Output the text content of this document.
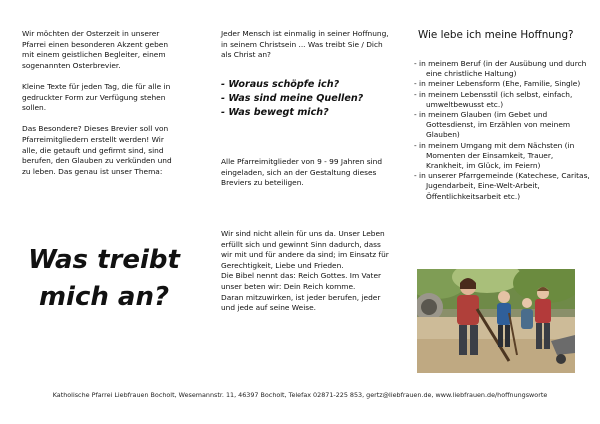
Wir möchten der Osterzeit in unserer Pfarrei einen besonderen Akzent geben mit einem geistlichen Begleiter, einem sogenannten Osterbrevier.

Kleine Texte für jeden Tag, die für alle in gedruckter Form zur Verfügung stehen sollen.

Das Besondere? Dieses Brevier soll von Pfarreimitgliedern erstellt werden! Wir alle, die getauft und gefirmt sind, sind berufen, den Glauben zu verkünden und zu leben. Das genau ist unser Thema:

Was treibt
mich an?

Jeder Mensch ist einmalig in seiner Hoffnung, in seinem Christsein ... Was treibt Sie / Dich als Christ an?

- Woraus schöpfe ich?

- Was sind meine Quellen?

- Was bewegt mich?

Alle Pfarreimitglieder von 9 - 99 Jahren sind eingeladen, sich an der Gestaltung dieses Breviers zu beteiligen.

Wir sind nicht allein für uns da. Unser Leben erfüllt sich und gewinnt Sinn dadurch, dass wir mit und für andere da sind; im Einsatz für Gerechtigkeit, Liebe und Frieden.

Die Bibel nennt das: Reich Gottes. Im Vater unser beten wir: Dein Reich komme.

Daran mitzuwirken, ist jeder berufen, jeder und jede auf seine Weise.

Wie lebe ich meine Hoffnung?
- in meinem Beruf (in der Ausübung und durch eine christliche Haltung)
- in meiner Lebensform (Ehe, Familie, Single)
- in meinem Lebensstil (ich selbst, einfach, umweltbewusst etc.)
- in meinem Glauben (im Gebet und Gottesdienst, im Erzählen von meinem Glauben)
- in meinem Umgang mit dem Nächsten (in Momenten der Einsamkeit, Trauer, Krankheit, im Glück, im Feiern)
- in unserer Pfarrgemeinde (Katechese, Caritas, Jugendarbeit, Eine-Welt-Arbeit, Öffentlichkeitsarbeit etc.)
Katholische Pfarrei Liebfrauen Bocholt, Wesemannstr. 11, 46397 Bocholt, Telefax 02871-225 853, gertz@liebfrauen.de, www.liebfrauen.de/hoffnungsworte
